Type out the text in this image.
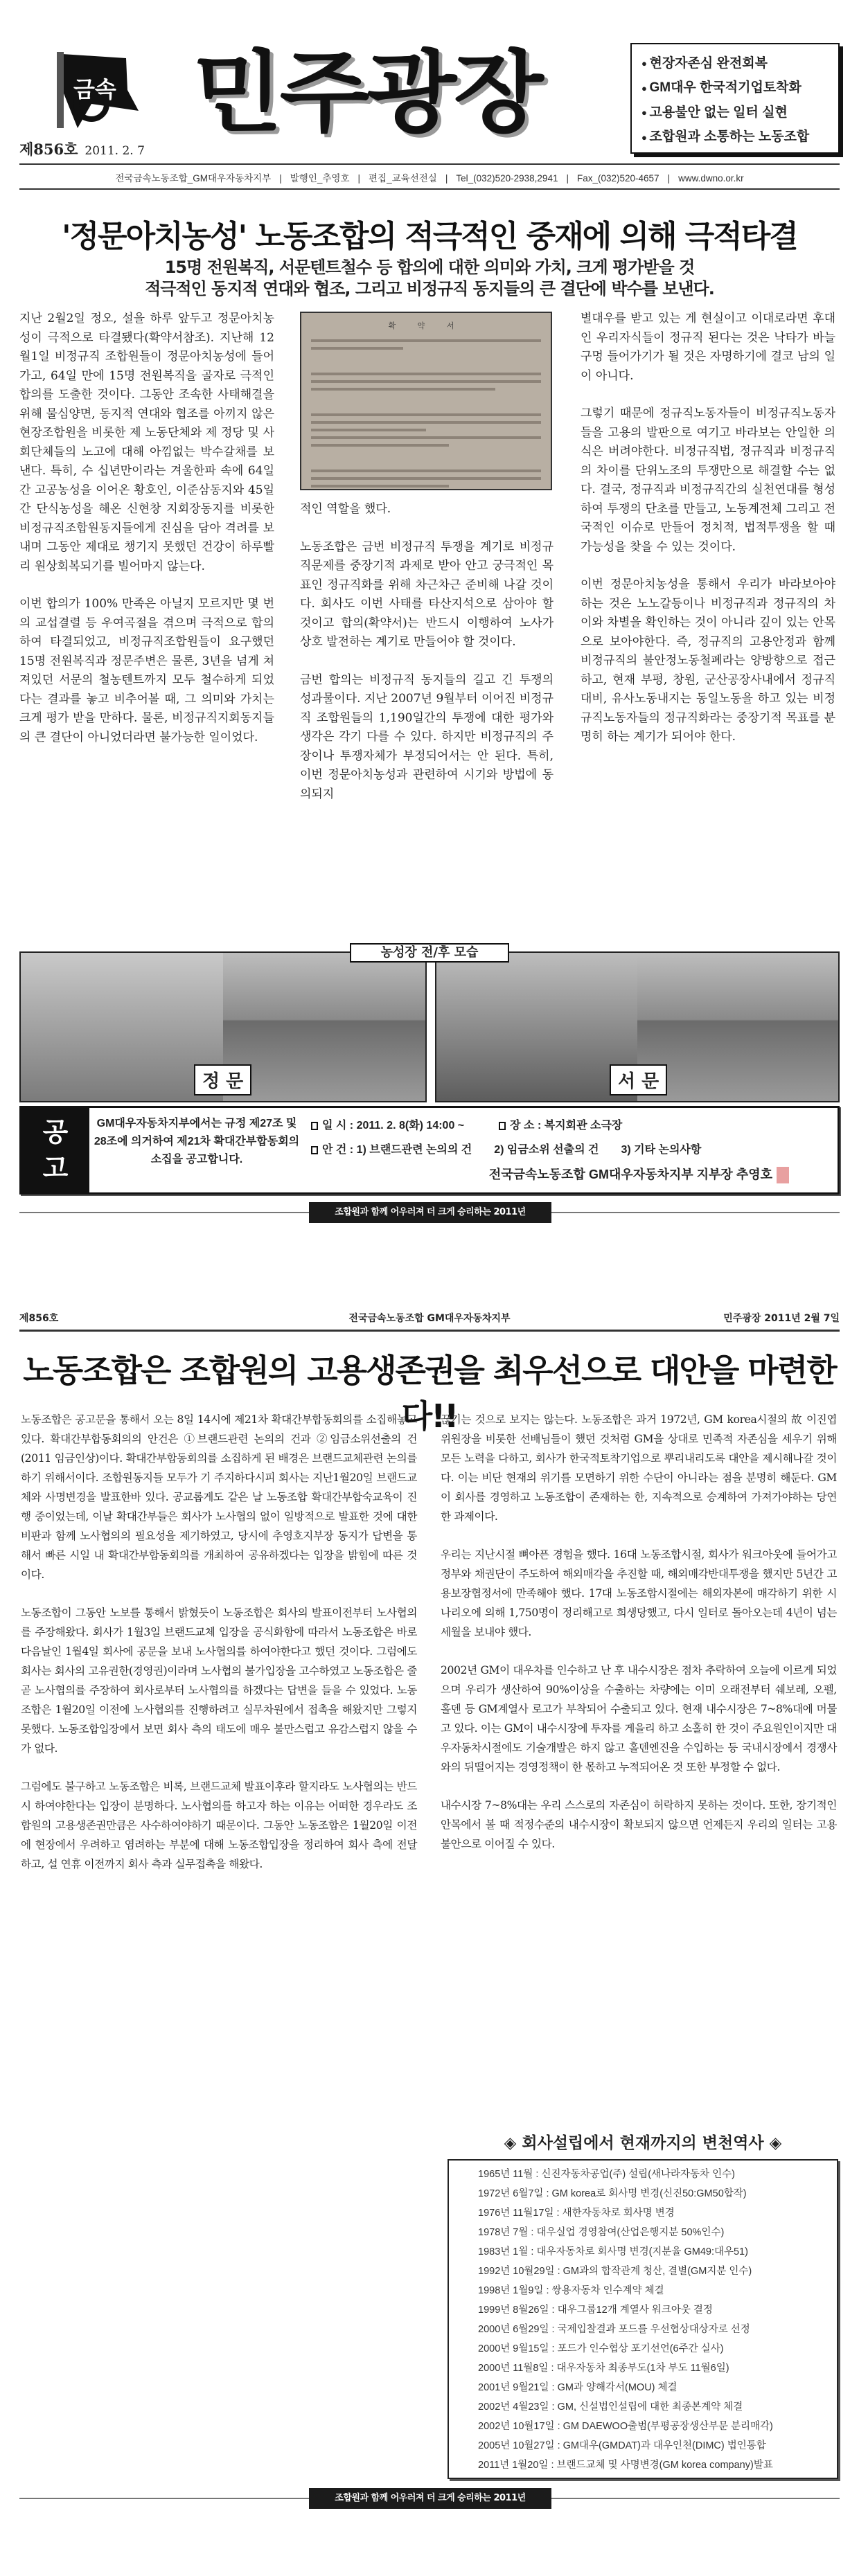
금속 민주광장	● 현장자존심 완전회복
● GM대우 한국적기업토착화
● 고용불안 없는 일터 실현
● 조합원과 소통하는 노동조합
제856호 2011. 2. 7
전국금속노동조합_GM대우자동차지부 | 발행인_추영호 | 편집_교육선전실 | Tel_(032)520-2938,2941 | Fax_(032)520-4657 | www.dwno.or.kr
'정문아치농성' 노동조합의 적극적인 중재에 의해 극적타결
15명 전원복직, 서문텐트철수 등 합의에 대한 의미와 가치, 크게 평가받을 것
적극적인 동지적 연대와 협조, 그리고 비정규직 동지들의 큰 결단에 박수를 보낸다.

지난 2월2일 정오, 설을 하루 앞두고 정문아치농성이 극적으로 타결됐다(확약서참조). 지난해 12월1일 비정규직 조합원들이 정문아치농성에 들어가고, 64일 만에 15명 전원복직을 골자로 극적인 합의를 도출한 것이다. 그동안 조속한 사태해결을 위해 물심양면, 동지적 연대와 협조를 아끼지 않은 현장조합원을 비롯한 제 노동단체와 제 정당 및 사회단체들의 노고에 대해 아낌없는 박수갈채를 보낸다. 특히, 수 십년만이라는 겨울한파 속에 64일간 고공농성을 이어온 황호인, 이준삼동지와 45일간 단식농성을 해온 신현창 지회장동지를 비롯한 비정규직조합원동지들에게 진심을 담아 격려를 보내며 그동안 제대로 챙기지 못했던 건강이 하루빨리 원상회복되기를 빌어마지 않는다.

이번 합의가 100% 만족은 아닐지 모르지만 몇 번의 교섭결렬 등 우여곡절을 겪으며 극적으로 합의하여 타결되었고, 비정규직조합원들이 요구했던 15명 전원복직과 정문주변은 물론, 3년을 넘게 쳐져있던 서문의 철농텐트까지 모두 철수하게 되었다는 결과를 놓고 비추어볼 때, 그 의미와 가치는 크게 평가 받을 만하다. 물론, 비정규직지회동지들의 큰 결단이 아니었더라면 불가능한 일이었다.

확 약 서

적인 역할을 했다.

노동조합은 금번 비정규직 투쟁을 계기로 비정규직문제를 중장기적 과제로 받아 안고 궁극적인 목표인 정규직화를 위해 차근차근 준비해 나갈 것이다. 회사도 이번 사태를 타산지석으로 삼아야 할 것이고 합의(확약서)는 반드시 이행하여 노사가 상호 발전하는 계기로 만들어야 할 것이다.

금번 합의는 비정규직 동지들의 길고 긴 투쟁의 성과물이다. 지난 2007년 9월부터 이어진 비정규직 조합원들의 1,190일간의 투쟁에 대한 평가와 생각은 각기 다를 수 있다. 하지만 비정규직의 주장이나 투쟁자체가 부정되어서는 안 된다. 특히, 이번 정문아치농성과 관련하여 시기와 방법에 동의되지

별대우를 받고 있는 게 현실이고 이대로라면 후대인 우리자식들이 정규직 된다는 것은 낙타가 바늘구멍 들어가기가 될 것은 자명하기에 결코 남의 일이 아니다.

그렇기 때문에 정규직노동자들이 비정규직노동자들을 고용의 발판으로 여기고 바라보는 안일한 의식은 버려야한다. 비정규직법, 정규직과 비정규직의 차이를 단위노조의 투쟁만으로 해결할 수는 없다. 결국, 정규직과 비정규직간의 실천연대를 형성하여 투쟁의 단초를 만들고, 노동계전체 그리고 전국적인 이슈로 만들어 정치적, 법적투쟁을 할 때 가능성을 찾을 수 있는 것이다.

이번 정문아치농성을 통해서 우리가 바라보아야 하는 것은 노노갈등이나 비정규직과 정규직의 차이와 차별을 확인하는 것이 아니라 깊이 있는 안목으로 보아야한다. 즉, 정규직의 고용안정과 함께 비정규직의 불안정노동철폐라는 양방향으로 접근하고, 현재 부평, 창원, 군산공장사내에서 정규직대비, 유사노동내지는 동일노동을 하고 있는 비정규직노동자들의 정규직화라는 중장기적 목표를 분명히 하는 계기가 되어야 한다.

농성장 전/후 모습
정 문	서 문
공
고
GM대우자동차지부에서는 규정 제27조 및 28조에 의거하여 제21차 확대간부합동회의 소집을 공고합니다.
일 시 : 2011. 2. 8(화) 14:00 ~	장 소 : 복지회관 소극장
안 건 : 1) 브랜드관련 논의의 건　　2) 임금소위 선출의 건　　3) 기타 논의사항
전국금속노동조합 GM대우자동차지부 지부장 추영호
조합원과 함께 어우러져 더 크게 승리하는 2011년
제856호	전국금속노동조합 GM대우자동차지부	민주광장 2011년 2월 7일
노동조합은 조합원의 고용생존권을 최우선으로 대안을 마련한다!!

노동조합은 공고문을 통해서 오는 8일 14시에 제21차 확대간부합동회의를 소집해놓고 있다. 확대간부합동회의의 안건은 ①브랜드관련 논의의 건과 ②임금소위선출의 건(2011 임금인상)이다. 확대간부합동회의를 소집하게 된 배경은 브랜드교체관련 논의를 하기 위해서이다. 조합원동지들 모두가 기 주지하다시피 회사는 지난1월20일 브랜드교체와 사명변경을 발표한바 있다. 공교롭게도 같은 날 노동조합 확대간부합숙교육이 진행 중이었는데, 이날 확대간부들은 회사가 노사협의 없이 일방적으로 발표한 것에 대한 비판과 함께 노사협의의 필요성을 제기하였고, 당시에 추영호지부장 동지가 답변을 통해서 빠른 시일 내 확대간부합동회의를 개최하여 공유하겠다는 입장을 밝힘에 따른 것이다.

노동조합이 그동안 노보를 통해서 밝혔듯이 노동조합은 회사의 발표이전부터 노사협의를 주장해왔다. 회사가 1월3일 브랜드교체 입장을 공식화함에 따라서 노동조합은 바로 다음날인 1월4일 회사에 공문을 보내 노사협의를 하여야한다고 했던 것이다. 그럼에도 회사는 회사의 고유권한(경영권)이라며 노사협의 불가입장을 고수하였고 노동조합은 줄곧 노사협의를 주장하여 회사로부터 노사협의를 하겠다는 답변을 들을 수 있었다. 노동조합은 1월20일 이전에 노사협의를 진행하려고 실무차원에서 접촉을 해왔지만 그렇지 못했다. 노동조합입장에서 보면 회사 측의 태도에 매우 불만스럽고 유감스럽지 않을 수가 없다.

그럼에도 불구하고 노동조합은 비록, 브랜드교체 발표이후라 할지라도 노사협의는 반드시 하여야한다는 입장이 분명하다. 노사협의를 하고자 하는 이유는 어떠한 경우라도 조합원의 고용생존권만큼은 사수하여야하기 때문이다. 그동안 노동조합은 1월20일 이전에 현장에서 우려하고 염려하는 부분에 대해 노동조합입장을 정리하여 회사 측에 전달하고, 설 연휴 이전까지 회사 측과 실무접촉을 해왔다.

끊기는 것으로 보지는 않는다. 노동조합은 과거 1972년, GM korea시절의 故 이진엽위원장을 비롯한 선배님들이 했던 것처럼 GM을 상대로 민족적 자존심을 세우기 위해 모든 노력을 다하고, 회사가 한국적토착기업으로 뿌리내리도록 대안을 제시해나갈 것이다. 이는 비단 현재의 위기를 모면하기 위한 수단이 아니라는 점을 분명히 해둔다. GM이 회사를 경영하고 노동조합이 존재하는 한, 지속적으로 승계하여 가져가야하는 당연한 과제이다.

우리는 지난시절 뼈아픈 경험을 했다. 16대 노동조합시절, 회사가 워크아웃에 들어가고 정부와 채권단이 주도하여 해외매각을 추진할 때, 해외매각반대투쟁을 했지만 5년간 고용보장협정서에 만족해야 했다. 17대 노동조합시절에는 해외자본에 매각하기 위한 시나리오에 의해 1,750명이 정리해고로 희생당했고, 다시 일터로 돌아오는데 4년이 넘는 세월을 보내야 했다.

2002년 GM이 대우차를 인수하고 난 후 내수시장은 점차 추락하여 오늘에 이르게 되었으며 우리가 생산하여 90%이상을 수출하는 차량에는 이미 오래전부터 쉐보레, 오펠, 홀덴 등 GM계열사 로고가 부착되어 수출되고 있다. 현재 내수시장은 7~8%대에 머물고 있다. 이는 GM이 내수시장에 투자를 게을리 하고 소홀히 한 것이 주요원인이지만 대우자동차시절에도 기술개발은 하지 않고 홀덴엔진을 수입하는 등 국내시장에서 경쟁사와의 뒤떨어지는 경영정책이 한 몫하고 누적되어온 것 또한 부정할 수 없다.

내수시장 7~8%대는 우리 스스로의 자존심이 허락하지 못하는 것이다. 또한, 장기적인 안목에서 볼 때 적정수준의 내수시장이 확보되지 않으면 언제든지 우리의 일터는 고용불안으로 이어질 수 있다.

◈ 회사설립에서 현재까지의 변천역사 ◈
1965년 11월 : 신진자동차공업(주) 설립(새나라자동차 인수)
1972년 6월7일 : GM korea로 회사명 변경(신진50:GM50합작)
1976년 11월17일 : 새한자동차로 회사명 변경
1978년 7월 : 대우실업 경영참여(산업은행지분 50%인수)
1983년 1월 : 대우자동차로 회사명 변경(지분율 GM49:대우51)
1992년 10월29일 : GM과의 합작관계 청산, 결별(GM지분 인수)
1998년 1월9일 : 쌍용자동차 인수계약 체결
1999년 8월26일 : 대우그룹12개 계열사 워크아웃 결정
2000년 6월29일 : 국제입찰결과 포드를 우선협상대상자로 선정
2000년 9월15일 : 포드가 인수협상 포기선언(6주간 실사)
2000년 11월8일 : 대우자동차 최종부도(1차 부도 11월6일)
2001년 9월21일 : GM과 양해각서(MOU) 체결
2002년 4월23일 : GM, 신설법인설립에 대한 최종본계약 체결
2002년 10월17일 : GM DAEWOO출범(부평공장생산부문 분리매각)
2005년 10월27일 : GM대우(GMDAT)과 대우인천(DIMC) 법인통합
2011년 1월20일 : 브랜드교체 및 사명변경(GM korea company)발표
조합원과 함께 어우러져 더 크게 승리하는 2011년
